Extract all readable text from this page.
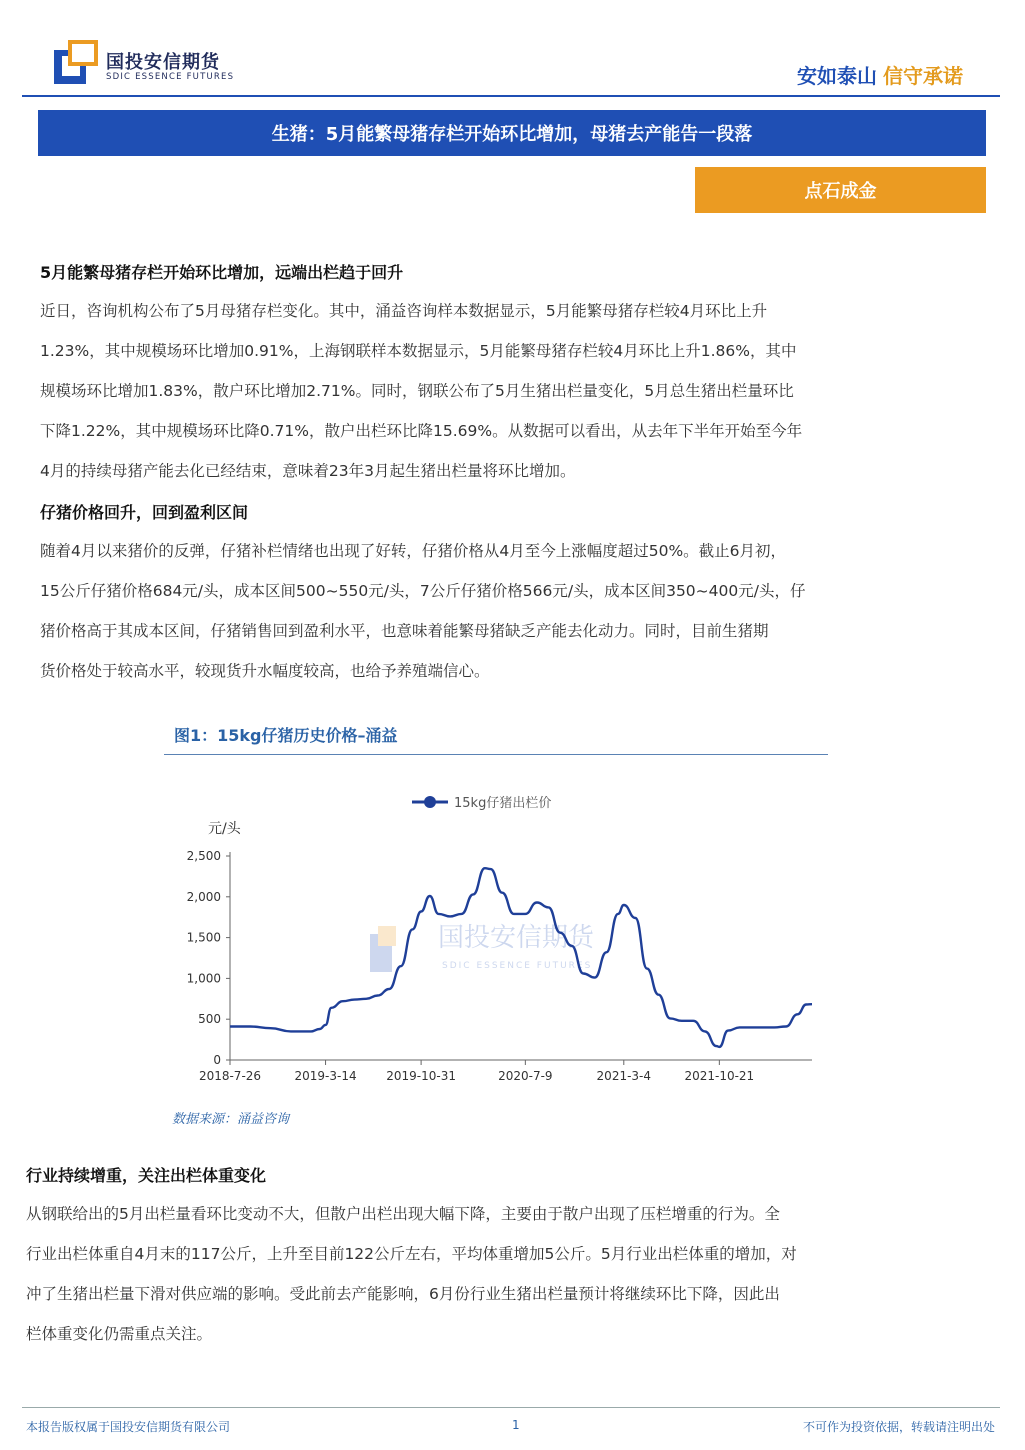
国投安信期货
SDIC ESSENCE FUTURES	安如泰山 信守承诺
生猪：5月能繁母猪存栏开始环比增加，母猪去产能告一段落
点石成金
5月能繁母猪存栏开始环比增加，远端出栏趋于回升
近日，咨询机构公布了5月母猪存栏变化。其中，涌益咨询样本数据显示，5月能繁母猪存栏较4月环比上升
1.23%，其中规模场环比增加0.91%，上海钢联样本数据显示，5月能繁母猪存栏较4月环比上升1.86%，其中
规模场环比增加1.83%，散户环比增加2.71%。同时，钢联公布了5月生猪出栏量变化，5月总生猪出栏量环比
下降1.22%，其中规模场环比降0.71%，散户出栏环比降15.69%。从数据可以看出，从去年下半年开始至今年
4月的持续母猪产能去化已经结束，意味着23年3月起生猪出栏量将环比增加。
仔猪价格回升，回到盈利区间
随着4月以来猪价的反弹，仔猪补栏情绪也出现了好转，仔猪价格从4月至今上涨幅度超过50%。截止6月初，
15公斤仔猪价格684元/头，成本区间500~550元/头，7公斤仔猪价格566元/头，成本区间350~400元/头，仔
猪价格高于其成本区间，仔猪销售回到盈利水平，也意味着能繁母猪缺乏产能去化动力。同时，目前生猪期
货价格处于较高水平，较现货升水幅度较高，也给予养殖端信心。
图1：15kg仔猪历史价格–涌益
国投安信期货
SDIC ESSENCE FUTURES
15kg仔猪出栏价
元/头
0
500
1,000
1,500
2,000
2,500
2018-7-26	2019-3-14 2019-10-31	2020-7-9	2021-3-4	2021-10-21
数据来源：涌益咨询
行业持续增重，关注出栏体重变化
从钢联给出的5月出栏量看环比变动不大，但散户出栏出现大幅下降，主要由于散户出现了压栏增重的行为。全
行业出栏体重自4月末的117公斤，上升至目前122公斤左右，平均体重增加5公斤。5月行业出栏体重的增加，对
冲了生猪出栏量下滑对供应端的影响。受此前去产能影响，6月份行业生猪出栏量预计将继续环比下降，因此出
栏体重变化仍需重点关注。
本报告版权属于国投安信期货有限公司	1	不可作为投资依据，转载请注明出处
